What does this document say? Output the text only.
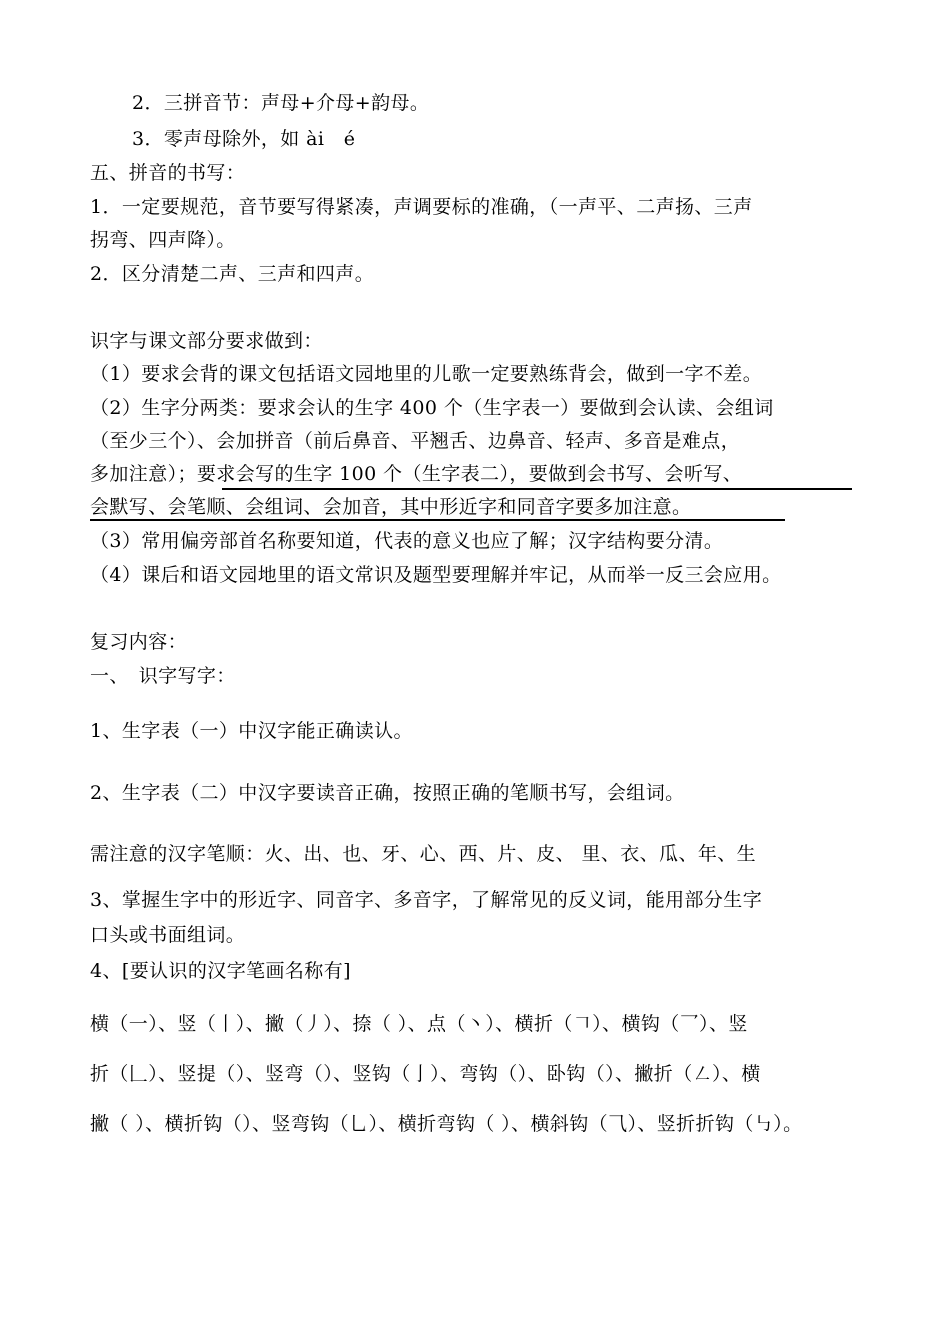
2．三拼音节：声母+介母+韵母。
3．零声母除外，如 ài　é
五、拼音的书写：
1．一定要规范，音节要写得紧凑，声调要标的准确，（一声平、二声扬、三声
拐弯、四声降）。
2．区分清楚二声、三声和四声。
识字与课文部分要求做到：
（1）要求会背的课文包括语文园地里的儿歌一定要熟练背会，做到一字不差。
（2）生字分两类：要求会认的生字 400 个（生字表一）要做到会认读、会组词
（至少三个）、会加拼音（前后鼻音、平翘舌、边鼻音、轻声、多音是难点，
多加注意）；要求会写的生字 100 个（生字表二），要做到会书写、会听写、
会默写、会笔顺、会组词、会加音，其中形近字和同音字要多加注意。
（3）常用偏旁部首名称要知道，代表的意义也应了解；汉字结构要分清。
（4）课后和语文园地里的语文常识及题型要理解并牢记，从而举一反三会应用。
复习内容：
一、　识字写字：
1、生字表（一）中汉字能正确读认。
2、生字表（二）中汉字要读音正确，按照正确的笔顺书写，会组词。
需注意的汉字笔顺：火、出、也、牙、心、西、片、皮、 里、衣、瓜、年、生
3、掌握生字中的形近字、同音字、多音字，了解常见的反义词，能用部分生字
口头或书面组词。
4、[要认识的汉字笔画名称有]
横（一）、竖（丨）、撇（丿）、捺（ ）、点（丶）、横折（𠃍）、横钩（乛）、竖
折（𠃊）、竖提（）、竖弯（）、竖钩（亅）、弯钩（）、卧钩（）、撇折（㇜）、横
撇（ ）、横折钩（）、竖弯钩（乚）、横折弯钩（ ）、横斜钩（⺄）、竖折折钩（㇉）。
